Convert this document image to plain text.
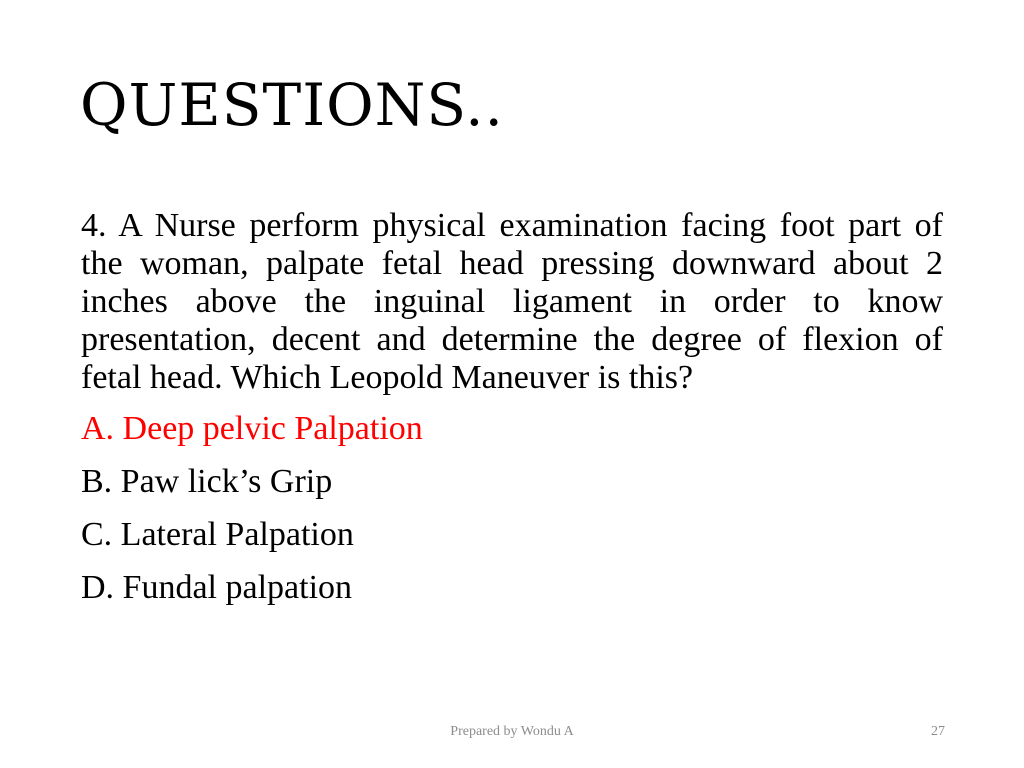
QUESTIONS..

4. A Nurse perform physical examination facing foot part of the woman, palpate fetal head pressing downward about 2 inches above the inguinal ligament in order to know presentation, decent and determine the degree of flexion of fetal head. Which Leopold Maneuver is this?

A. Deep pelvic Palpation
B. Paw lick’s Grip
C. Lateral Palpation
D. Fundal palpation
Prepared by Wondu A	27
